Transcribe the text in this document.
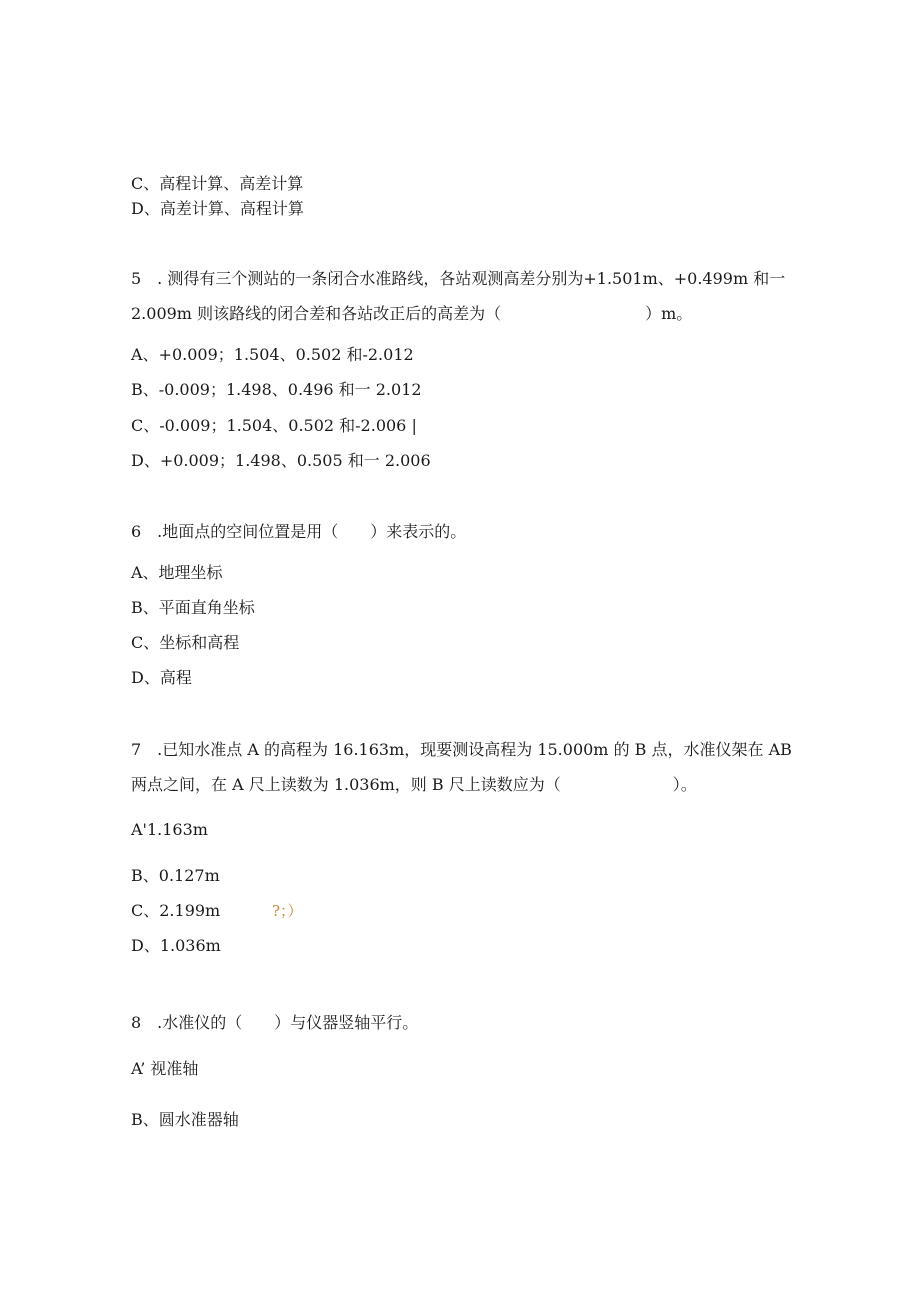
C、高程计算、高差计算
D、高差计算、高程计算
5　. 测得有三个测站的一条闭合水准路线，各站观测高差分别为+1.501m、+0.499m 和一
2.009m 则该路线的闭合差和各站改正后的高差为（　　　　　　　　　）m。
A、+0.009；1.504、0.502 和-2.012
B、-0.009；1.498、0.496 和一 2.012
C、-0.009；1.504、0.502 和-2.006 |
D、+0.009；1.498、0.505 和一 2.006
6　.地面点的空间位置是用（　　）来表示的。
A、地理坐标
B、平面直角坐标
C、坐标和高程
D、高程
7　.已知水准点 A 的高程为 16.163m，现要测设高程为 15.000m 的 B 点，水准仪架在 AB
两点之间，在 A 尺上读数为 1.036m，则 B 尺上读数应为（　　　　　　　）。
A'1.163m
B、0.127m
C、2.199m	?；）
D、1.036m
8　.水准仪的（　　）与仪器竖轴平行。
A’ 视准轴
B、圆水准器轴
